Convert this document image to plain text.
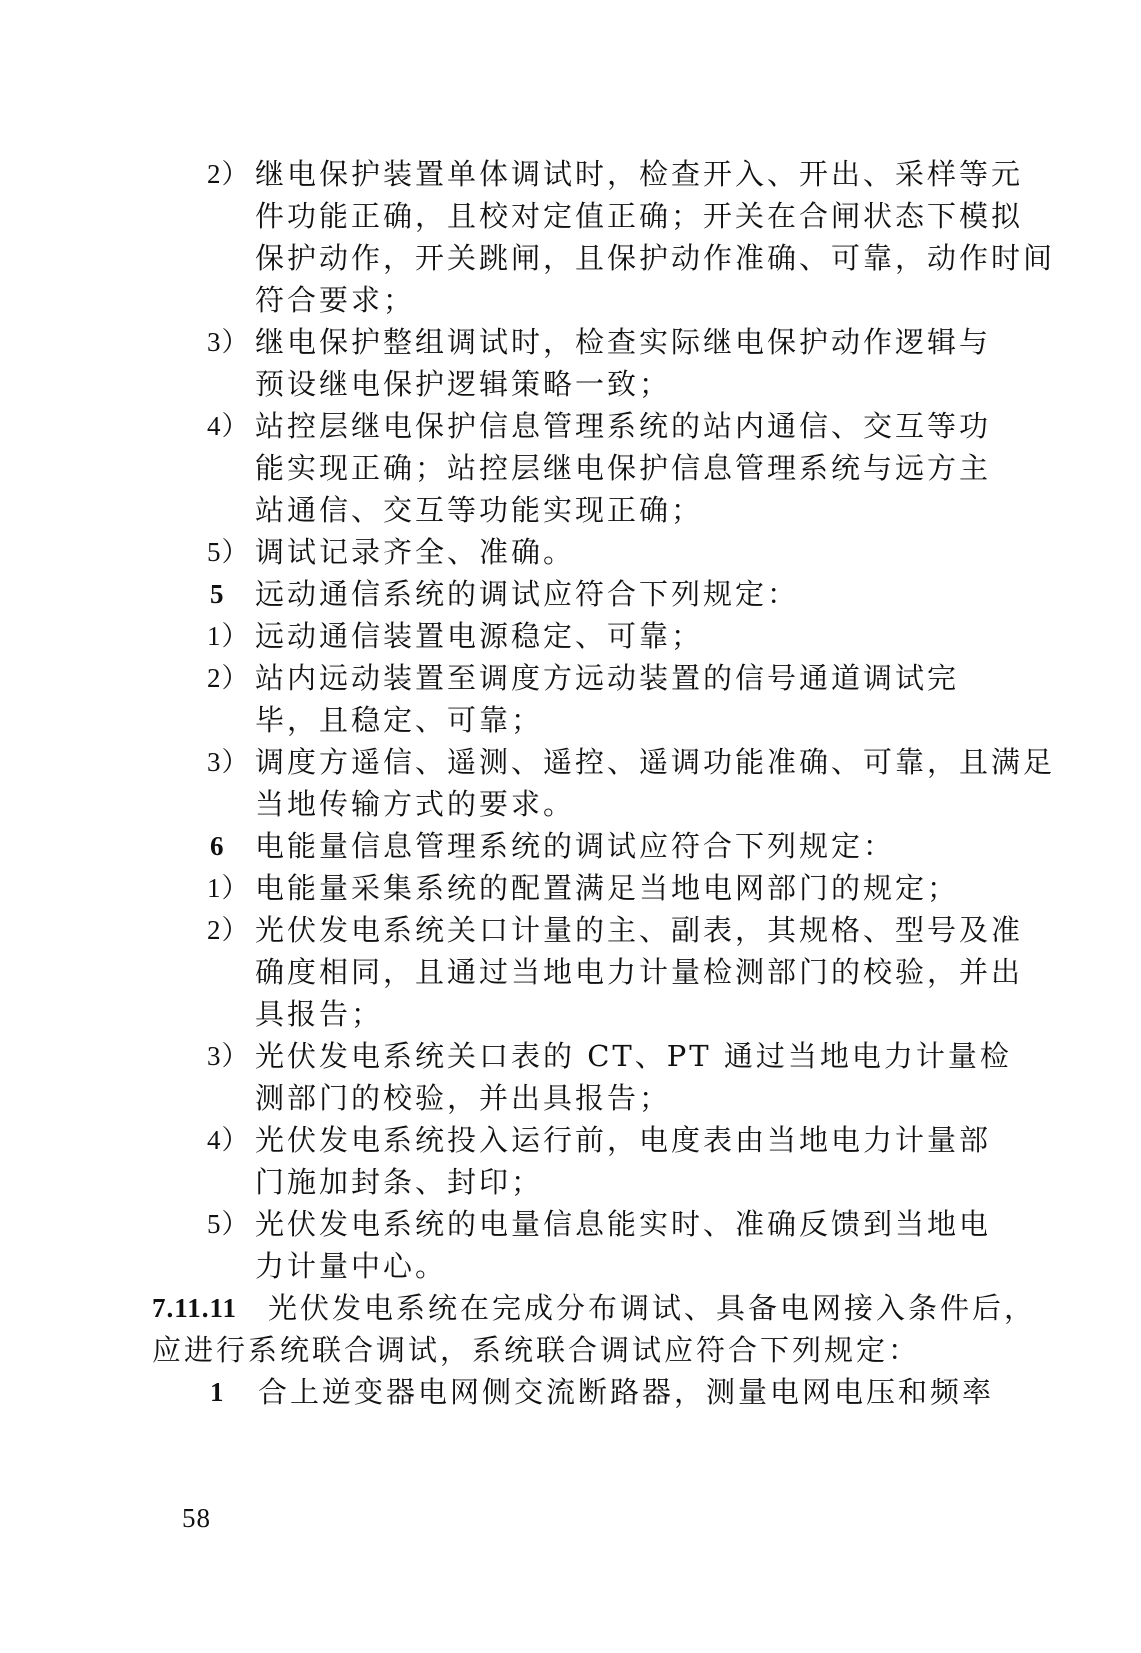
2） 继电保护装置单体调试时，检查开入、开出、采样等元
件功能正确，且校对定值正确；开关在合闸状态下模拟
保护动作，开关跳闸，且保护动作准确、可靠，动作时间
符合要求；
3） 继电保护整组调试时，检查实际继电保护动作逻辑与
预设继电保护逻辑策略一致；
4） 站控层继电保护信息管理系统的站内通信、交互等功
能实现正确；站控层继电保护信息管理系统与远方主
站通信、交互等功能实现正确；
5） 调试记录齐全、准确。
5 远动通信系统的调试应符合下列规定：
1） 远动通信装置电源稳定、可靠；
2） 站内远动装置至调度方远动装置的信号通道调试完
毕，且稳定、可靠；
3） 调度方遥信、遥测、遥控、遥调功能准确、可靠，且满足
当地传输方式的要求。
6 电能量信息管理系统的调试应符合下列规定：
1） 电能量采集系统的配置满足当地电网部门的规定；
2） 光伏发电系统关口计量的主、副表，其规格、型号及准
确度相同，且通过当地电力计量检测部门的校验，并出
具报告；
3） 光伏发电系统关口表的 CT、PT 通过当地电力计量检
测部门的校验，并出具报告；
4） 光伏发电系统投入运行前，电度表由当地电力计量部
门施加封条、封印；
5） 光伏发电系统的电量信息能实时、准确反馈到当地电
力计量中心。
7.11.11 光伏发电系统在完成分布调试、具备电网接入条件后，
应进行系统联合调试，系统联合调试应符合下列规定：
1 合上逆变器电网侧交流断路器，测量电网电压和频率
58
